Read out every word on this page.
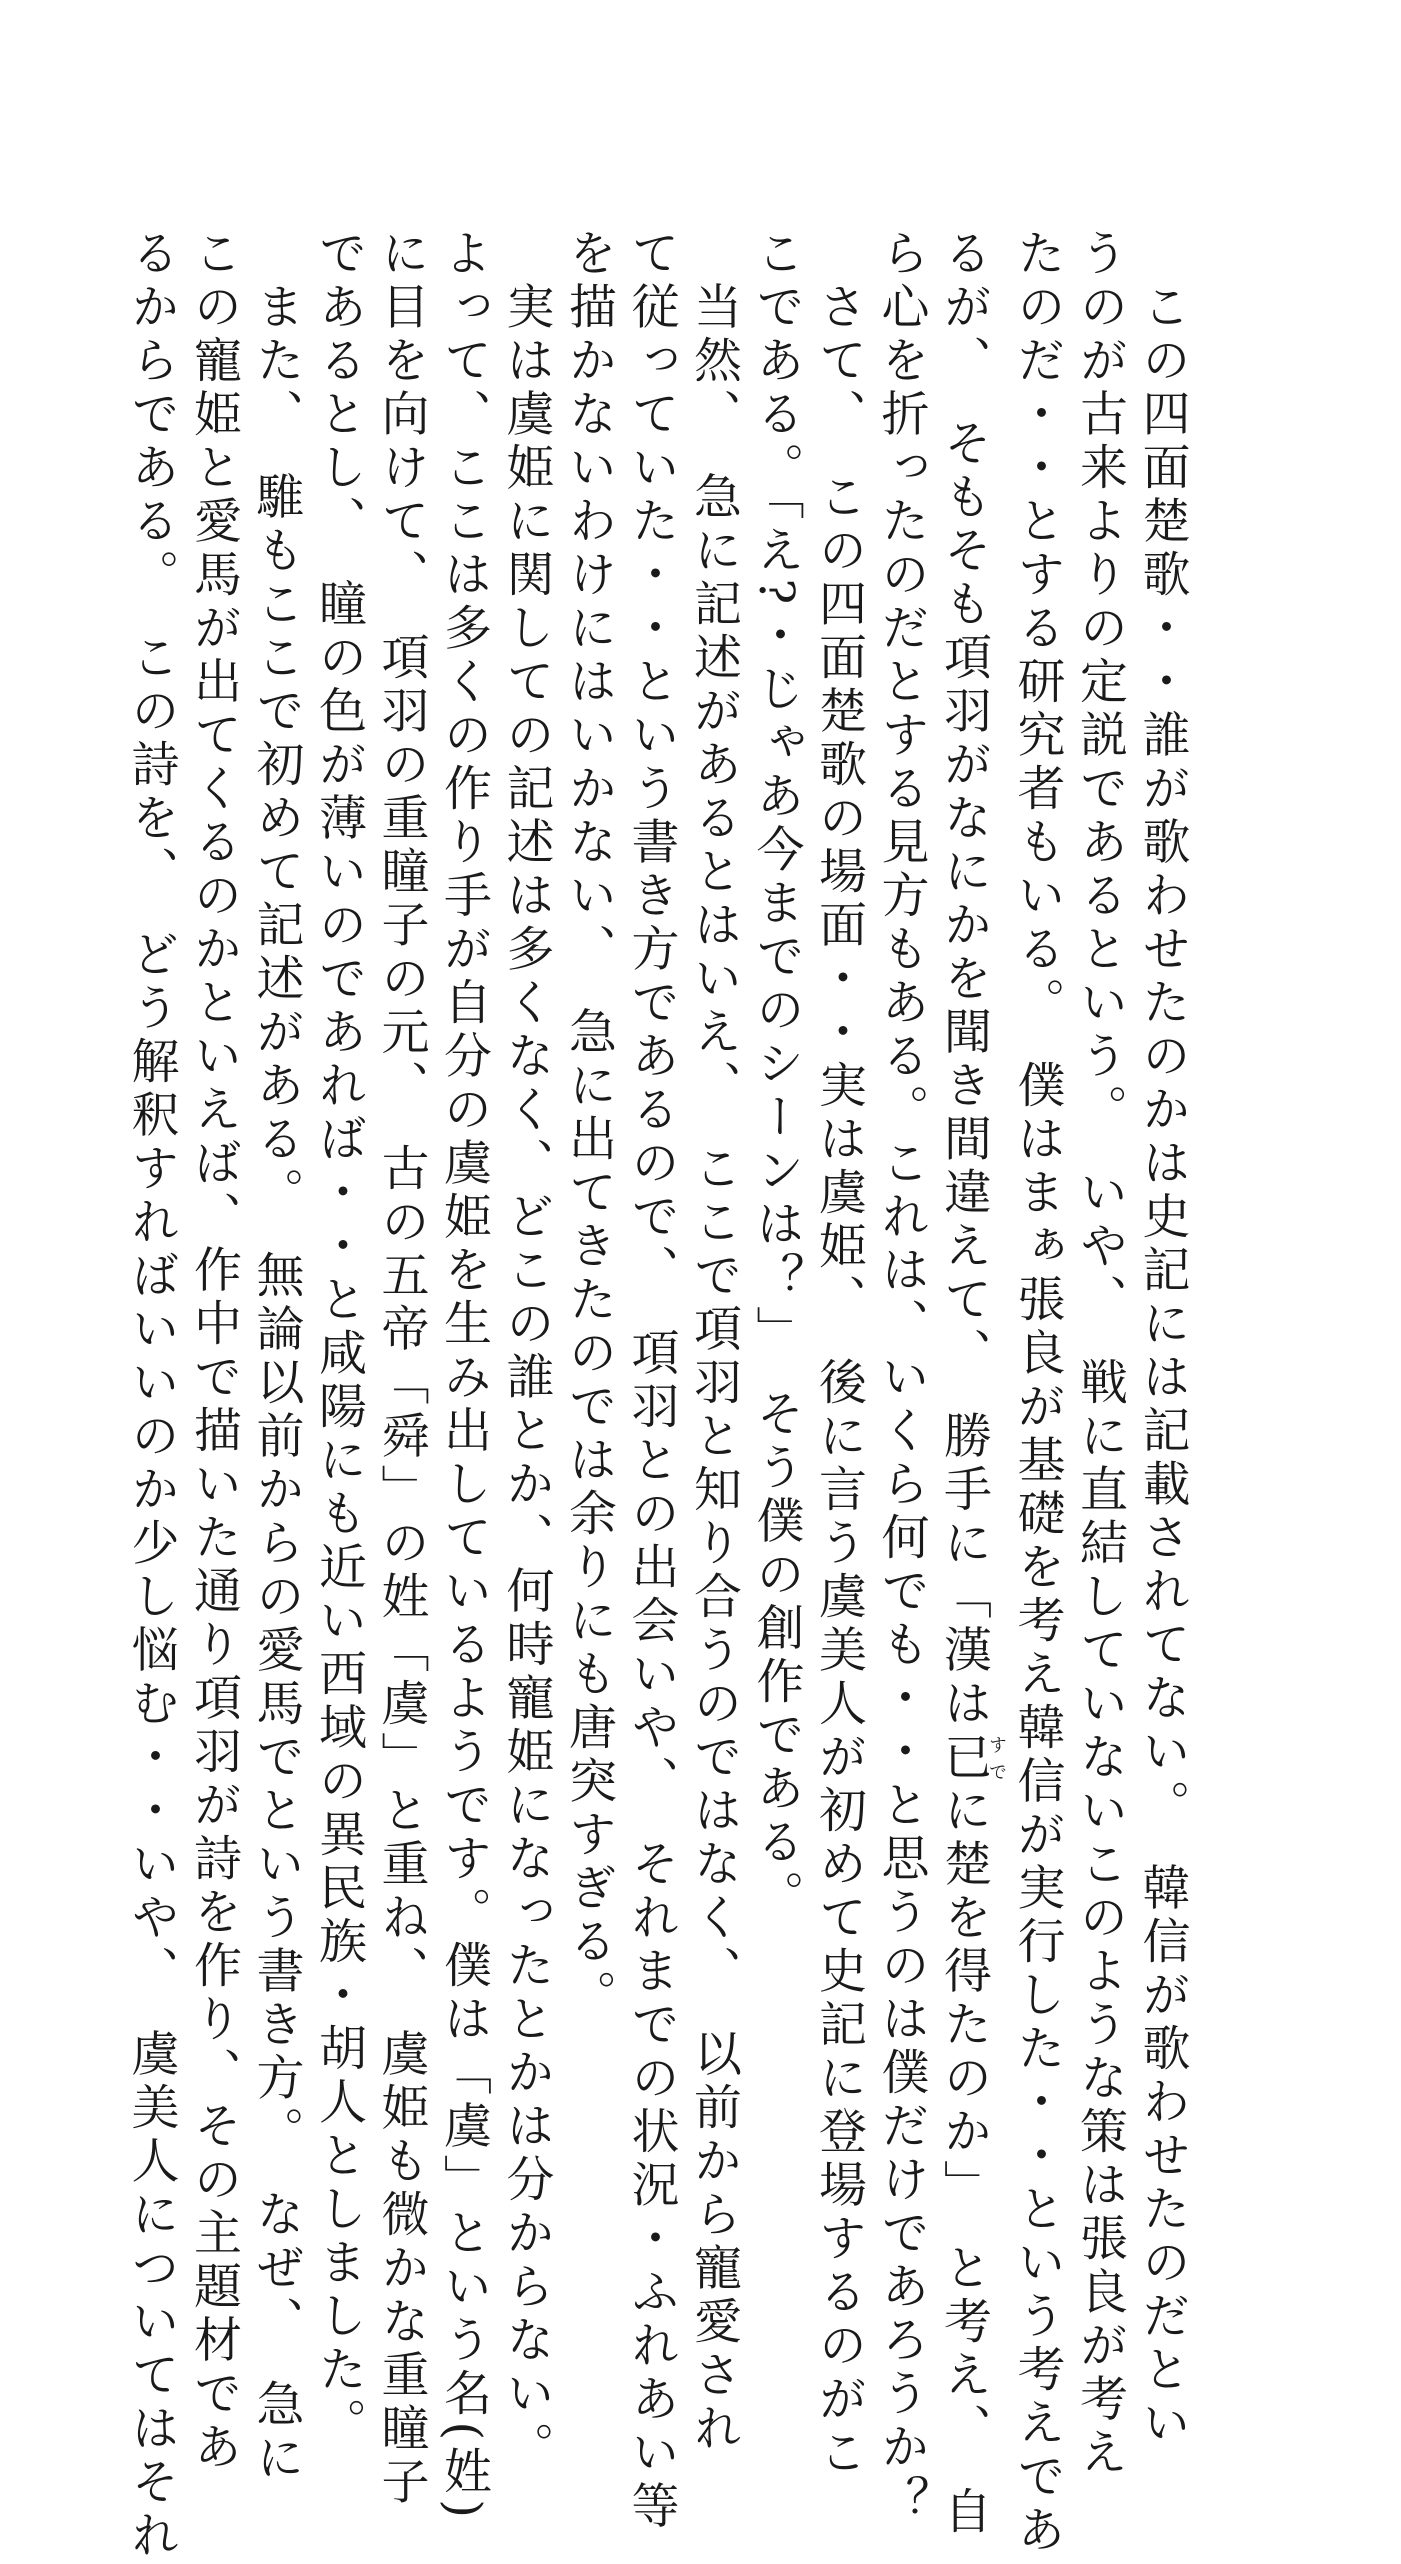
　この四面楚歌・・誰が歌わせたのかは史記には記載されてない。　韓信が歌わせたのだとい
うのが古来よりの定説であるという。　いや、　戦に直結していないこのような策は張良が考え
たのだ・・とする研究者もいる。　僕はまぁ張良が基礎を考え韓信が実行した・・という考えであ
るが、　そもそも項羽がなにかを聞き間違えて、　勝手に「漢は已すでに楚を得たのか」　と考え、　自
ら心を折ったのだとする見方もある。これは、いくら何でも・・と思うのは僕だけであろうか？
　さて、　この四面楚歌の場面・・実は虞姫、　後に言う虞美人が初めて史記に登場するのがこ
こである。「え?・じゃあ今までのシーンは？」　そう僕の創作である。
　当然、　急に記述があるとはいえ、　ここで項羽と知り合うのではなく、　以前から寵愛され
て従っていた・・という書き方であるので、　項羽との出会いや、　それまでの状況・ふれあい等
を描かないわけにはいかない、　急に出てきたのでは余りにも唐突すぎる。
　実は虞姫に関しての記述は多くなく、どこの誰とか、何時寵姫になったとかは分からない。
よって、ここは多くの作り手が自分の虞姫を生み出しているようです。僕は「虞」という名(姓)
に目を向けて、　項羽の重瞳子の元、　古の五帝「舜」の姓「虞」と重ね、　虞姫も微かな重瞳子
であるとし、　瞳の色が薄いのであれば・・と咸陽にも近い西域の異民族・胡人としました。
　また、　騅もここで初めて記述がある。　無論以前からの愛馬でという書き方。　なぜ、　急に
この寵姫と愛馬が出てくるのかといえば、作中で描いた通り項羽が詩を作り、その主題材であ
るからである。　この詩を、　どう解釈すればいいのか少し悩む・・いや、　虞美人についてはそれ
